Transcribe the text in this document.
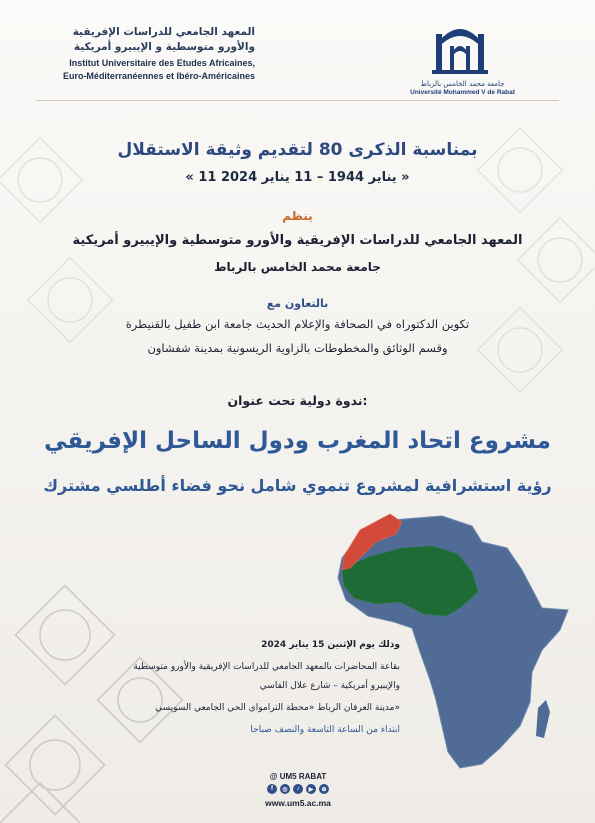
المعهد الجامعي للدراسات الإفريقية
والأورو متوسطية و الإيبيرو أمريكية
Institut Universitaire des Etudes Africaines,
Euro-Méditerranéennes et Ibéro-Américaines
جامعة محمد الخامس بالرباط
Université Mohammed V de Rabat
بمناسبة الذكرى 80 لتقديم وثيقة الاستقلال
« 11 يناير 1944 – 11 يناير 2024 »
ينظم
المعهد الجامعي للدراسات الإفريقية والأورو متوسطية والإيبيرو أمريكية
جامعة محمد الخامس بالرباط
بالتعاون مع
تكوين الدكتوراه في الصحافة والإعلام الحديث جامعة ابن طفيل بالقنيطرة
وقسم الوثائق والمخطوطات بالزاوية الريسونية بمدينة شفشاون
ندوة دولية تحت عنوان:
مشروع اتحاد المغرب ودول الساحل الإفريقي
رؤية استشرافية لمشروع تنموي شامل نحو فضاء أطلسي مشترك
وذلك يوم الإثنين 15 يناير 2024
بقاعة المحاضرات بالمعهد الجامعي للدراسات الإفريقية والأورو متوسطية
والإيبيرو أمريكية – شارع علال الفاسي
مدينة العرفان الرباط «محطة الترامواي الحي الجامعي السويسي»
ابتداء من الساعة التاسعة والنصف صباحا
@ UM5 RABAT
f	◎	♪	▶	⊕
www.um5.ac.ma
